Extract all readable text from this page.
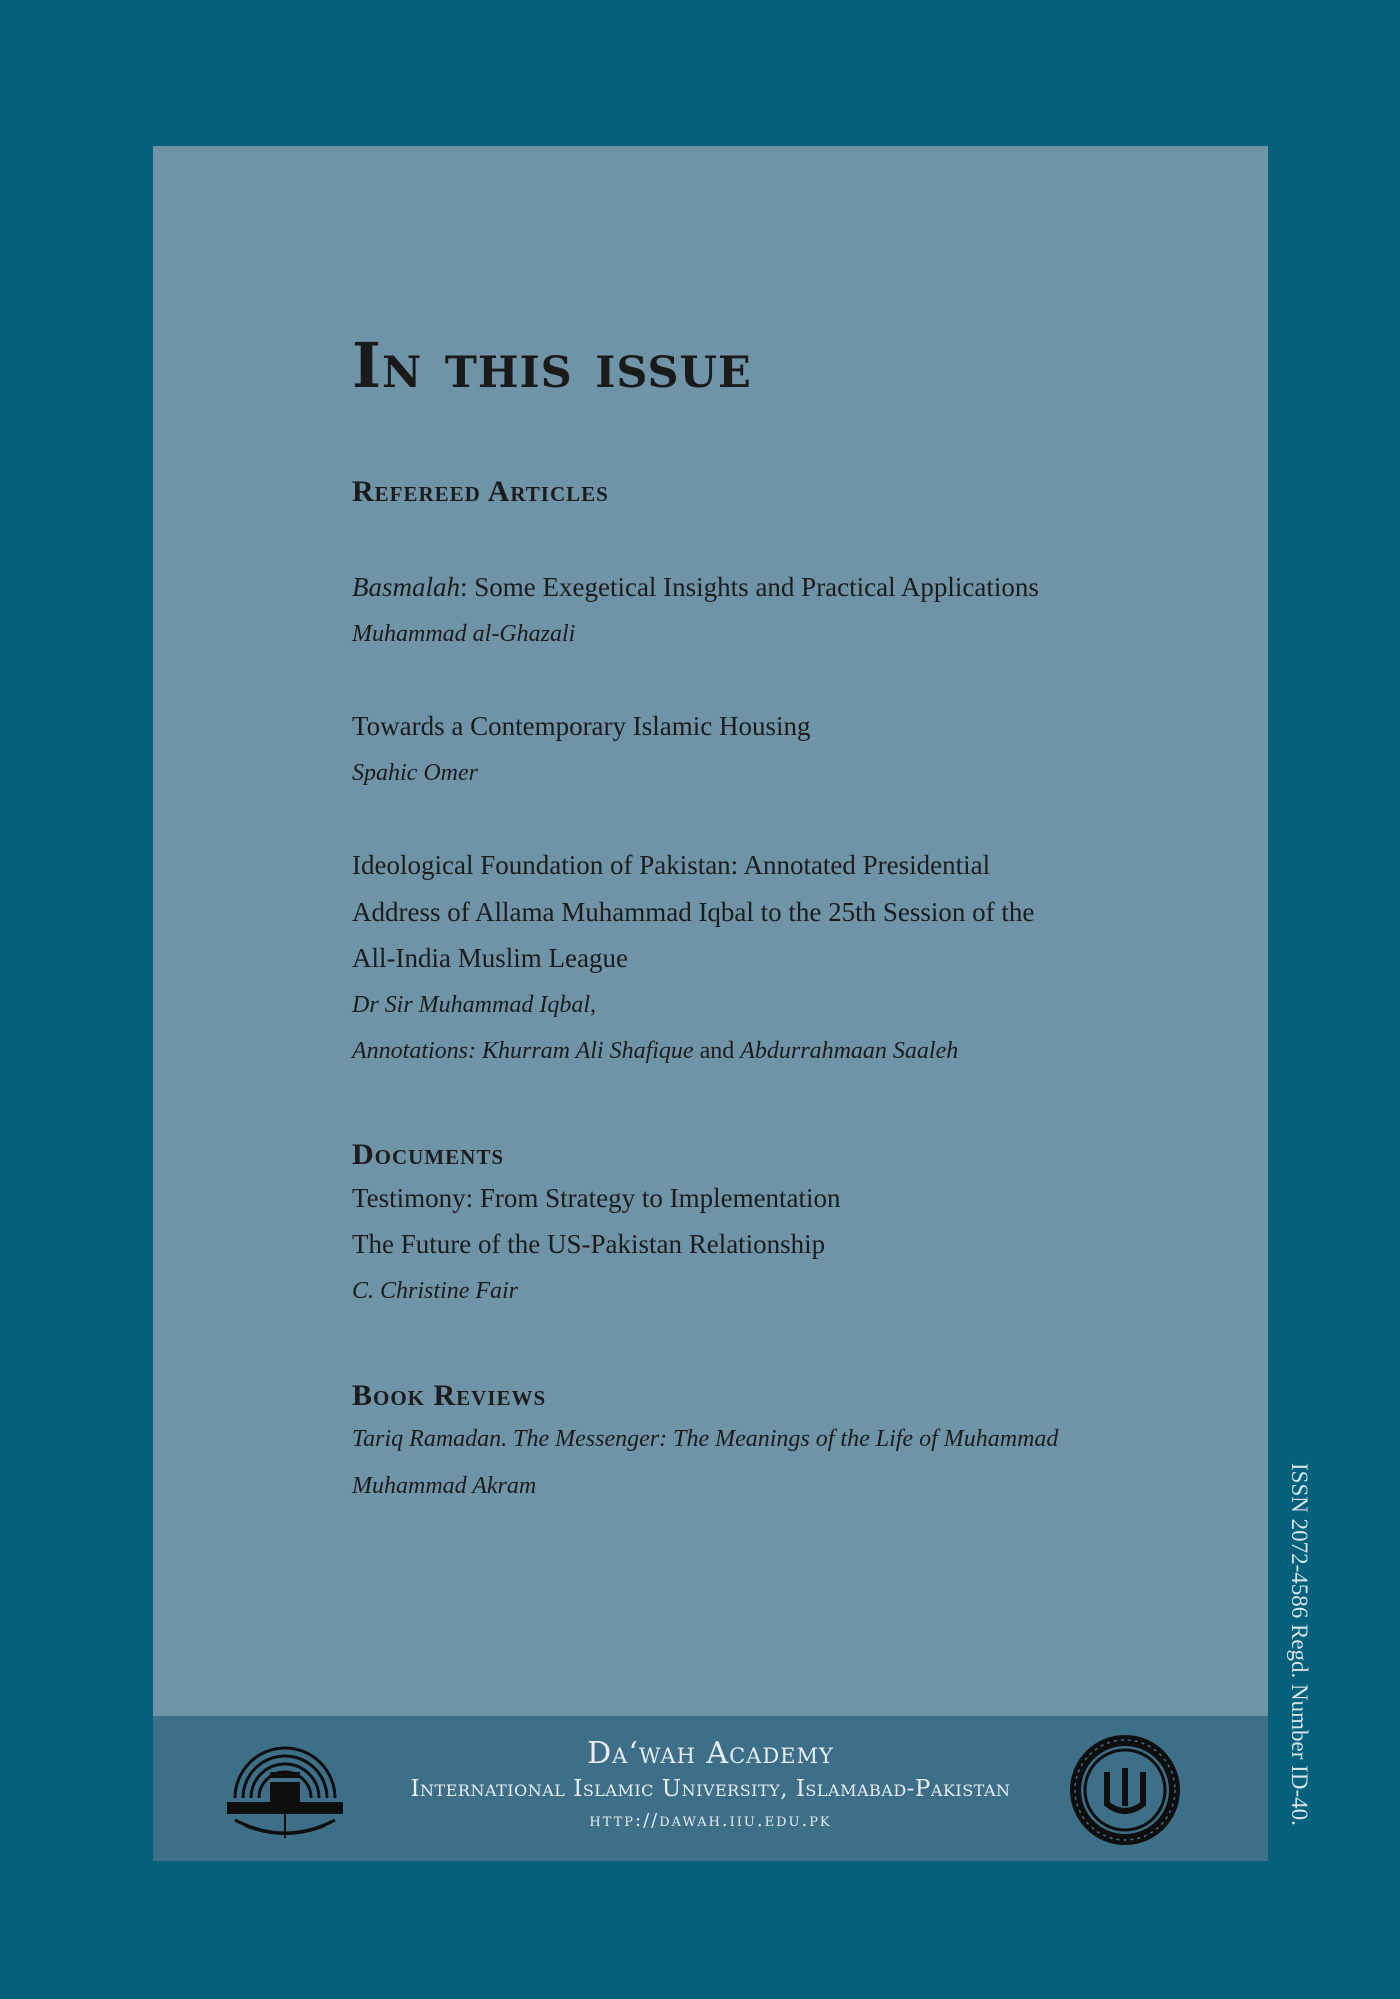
In this issue
Refereed Articles

Basmalah: Some Exegetical Insights and Practical Applications

Muhammad al-Ghazali

Towards a Contemporary Islamic Housing

Spahic Omer

Ideological Foundation of Pakistan: Annotated Presidential

Address of Allama Muhammad Iqbal to the 25th Session of the

All-India Muslim League

Dr Sir Muhammad Iqbal,

Annotations: Khurram Ali Shafique and Abdurrahmaan Saaleh

Documents

Testimony: From Strategy to Implementation

The Future of the US-Pakistan Relationship

C. Christine Fair

Book Reviews

Tariq Ramadan. The Messenger: The Meanings of the Life of Muhammad

Muhammad Akram

Da‘wah Academy
International Islamic University, Islamabad-Pakistan
http://dawah.iiu.edu.pk	ISSN 2072-4586 Regd. Number ID-40.
